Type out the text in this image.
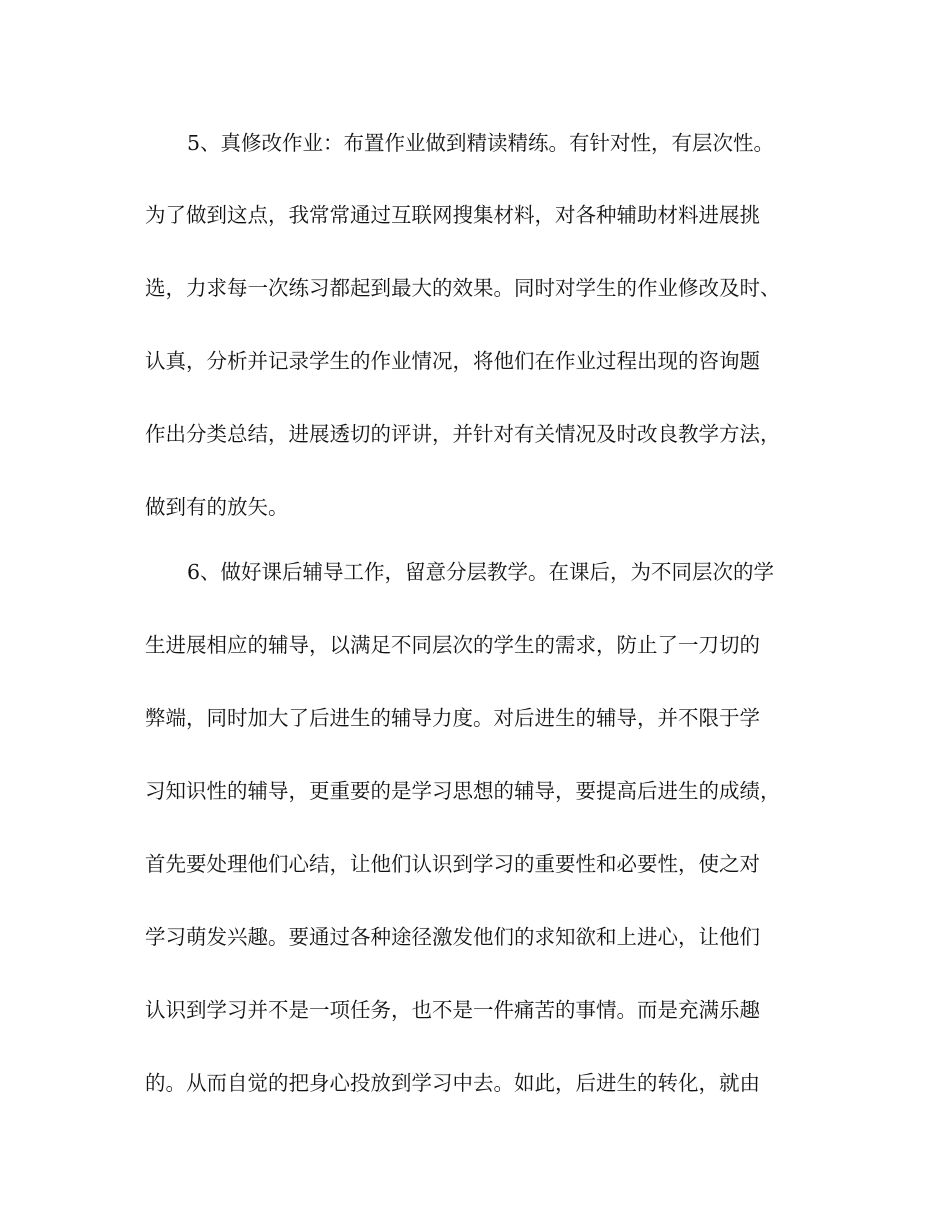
5、真修改作业：布置作业做到精读精练。有针对性，有层次性。
为了做到这点，我常常通过互联网搜集材料，对各种辅助材料进展挑
选，力求每一次练习都起到最大的效果。同时对学生的作业修改及时、
认真，分析并记录学生的作业情况，将他们在作业过程出现的咨询题
作出分类总结，进展透切的评讲，并针对有关情况及时改良教学方法，
做到有的放矢。
6、做好课后辅导工作，留意分层教学。在课后，为不同层次的学
生进展相应的辅导，以满足不同层次的学生的需求，防止了一刀切的
弊端，同时加大了后进生的辅导力度。对后进生的辅导，并不限于学
习知识性的辅导，更重要的是学习思想的辅导，要提高后进生的成绩，
首先要处理他们心结，让他们认识到学习的重要性和必要性，使之对
学习萌发兴趣。要通过各种途径激发他们的求知欲和上进心，让他们
认识到学习并不是一项任务，也不是一件痛苦的事情。而是充满乐趣
的。从而自觉的把身心投放到学习中去。如此，后进生的转化，就由
